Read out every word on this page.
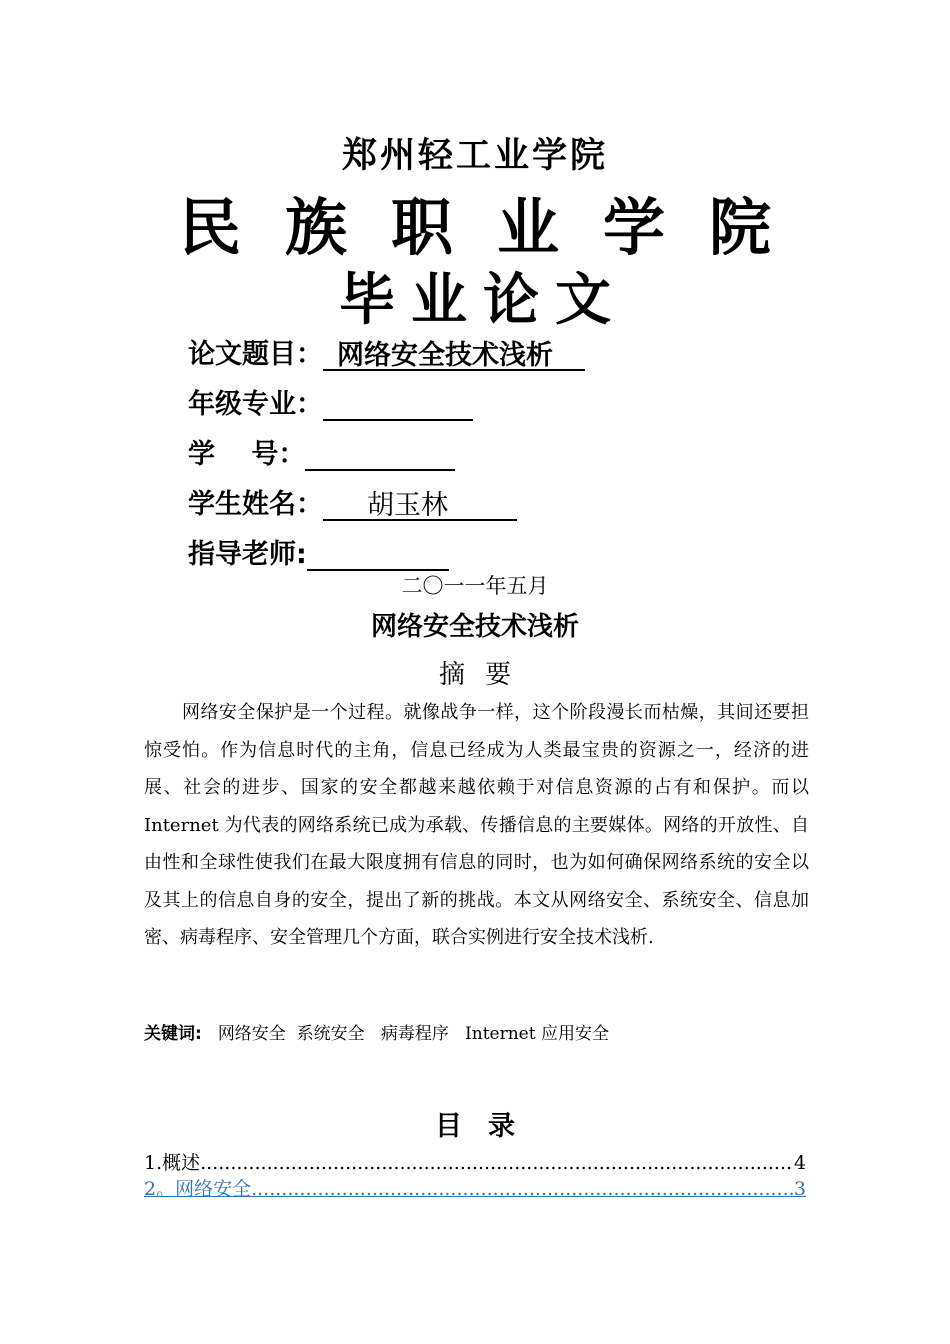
郑州轻工业学院
民族职业学院
毕业论文
论文题目： 网络安全技术浅析
年级专业：
学　 号：
学生姓名： 胡玉林
指导老师:
二〇一一年五月
网络安全技术浅析
摘要

网络安全保护是一个过程。就像战争一样，这个阶段漫长而枯燥，其间还要担惊受怕。作为信息时代的主角，信息已经成为人类最宝贵的资源之一，经济的进展、社会的进步、国家的安全都越来越依赖于对信息资源的占有和保护。而以 Internet 为代表的网络系统已成为承载、传播信息的主要媒体。网络的开放性、自由性和全球性使我们在最大限度拥有信息的同时，也为如何确保网络系统的安全以及其上的信息自身的安全，提出了新的挑战。本文从网络安全、系统安全、信息加密、病毒程序、安全管理几个方面，联合实例进行安全技术浅析.

关键词: 网络安全  系统安全   病毒程序   Internet 应用安全
目录
1.概述 .....	4
2。网络安全 .....	3
